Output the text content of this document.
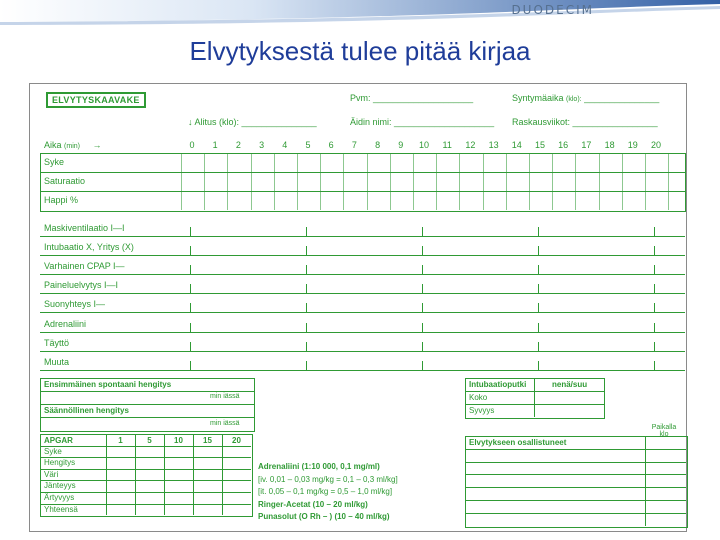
DUODECIM
Elvytyksestä tulee pitää kirjaa
ELVYTYSKAAVAKE	Pvm: ____________________	Syntymäaika (klo): _______________
↓ Alitus (klo): _______________	Äidin nimi: ____________________ Raskausviikot: _________________
Aika (min) →	0	1	2	3	4	5	6	7	8	9	10	11	12	13	14	15	16	17	18	19	20
Syke
Saturaatio
Happi %
Maskiventilaatio I—I
Intubaatio X, Yritys (X)
Varhainen CPAP I—
Paineluelvytys I—I
Suonyhteys I—
Adrenaliini
Täyttö
Muuta
Ensimmäinen spontaani hengitys
min iässä
Säännöllinen hengitys
min iässä
Intubaatioputki	nenä/suu
Koko
Syvyys
APGAR	1	5	10	15	20
Syke
Hengitys
Väri
Jänteyys
Ärtyvyys
Yhteensä
Paikalla
klo
Elvytykseen osallistuneet
Adrenaliini (1:10 000, 0,1 mg/ml)
[iv. 0,01 – 0,03 mg/kg = 0,1 – 0,3 ml/kg]
[it. 0,05 – 0,1 mg/kg = 0,5 – 1,0 ml/kg]
Ringer-Acetat (10 – 20 ml/kg)
Punasolut (O Rh – ) (10 – 40 ml/kg)
